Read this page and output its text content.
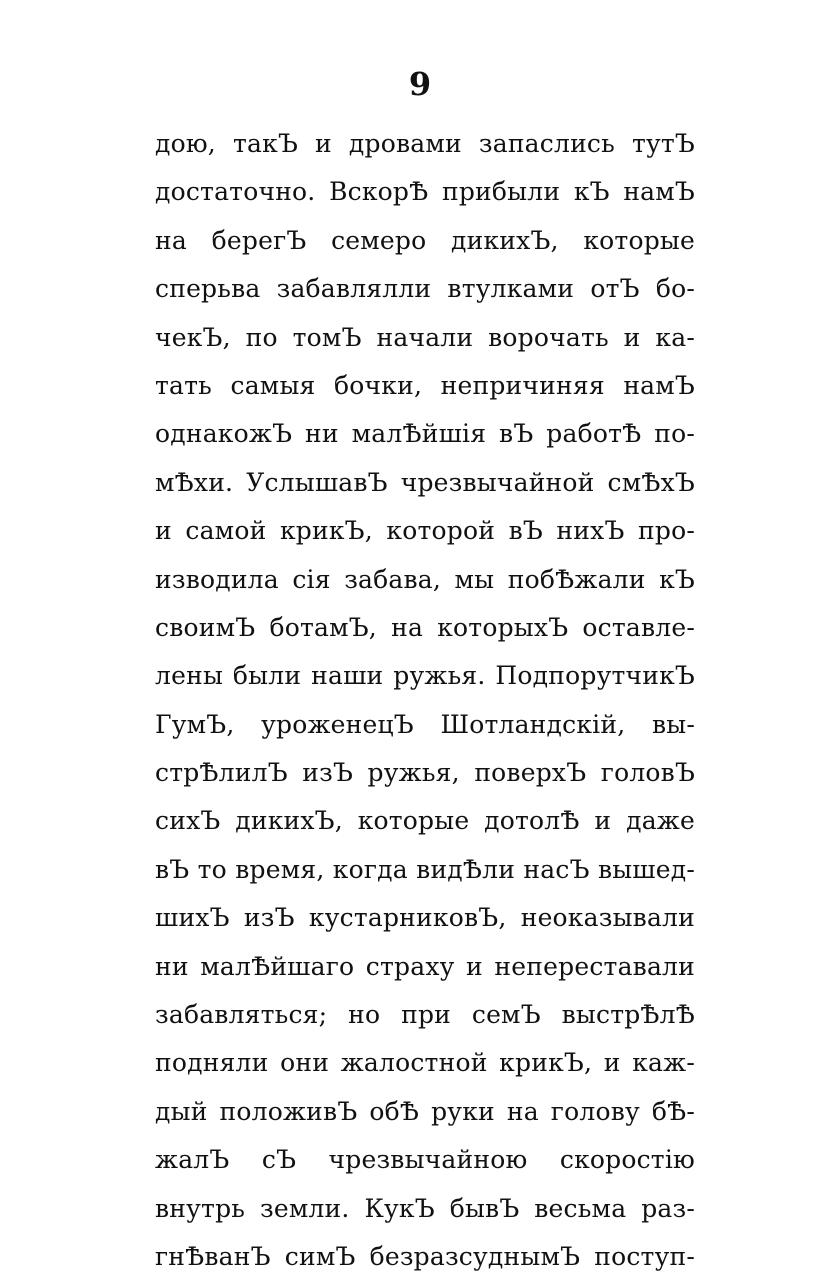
9
дою, такЪ и дровами запаслись тутЪ
достаточно. ВскорѢ прибыли кЪ намЪ
на берегЪ семеро дикихЪ, которые
сперьва забавлялли втулками отЪ бо-
чекЪ, по томЪ начали ворочать и ка-
тать самыя бочки, непричиняя намЪ
однакожЪ ни малѢйшія вЪ работѢ по-
мѢхи. УслышавЪ чрезвычайной смѢхЪ
и самой крикЪ, которой вЪ нихЪ про-
изводила сія забава, мы побѢжали кЪ
своимЪ ботамЪ, на которыхЪ оставле-
лены были наши ружья. ПодпорутчикЪ
ГумЪ, уроженецЪ Шотландскій, вы-
стрѢлилЪ изЪ ружья, поверхЪ головЪ
сихЪ дикихЪ, которые дотолѢ и даже
вЪ то время, когда видѢли насЪ вышед-
шихЪ изЪ кустарниковЪ, неоказывали
ни малѢйшаго страху и непереставали
забавляться; но при семЪ выстрѢлѢ
подняли они жалостной крикЪ, и каж-
дый положивЪ обѢ руки на голову бѢ-
жалЪ сЪ чрезвычайною скоростію
внутрь земли. КукЪ бывЪ весьма раз-
гнѢванЪ симЪ безразсуднымЪ поступ-
